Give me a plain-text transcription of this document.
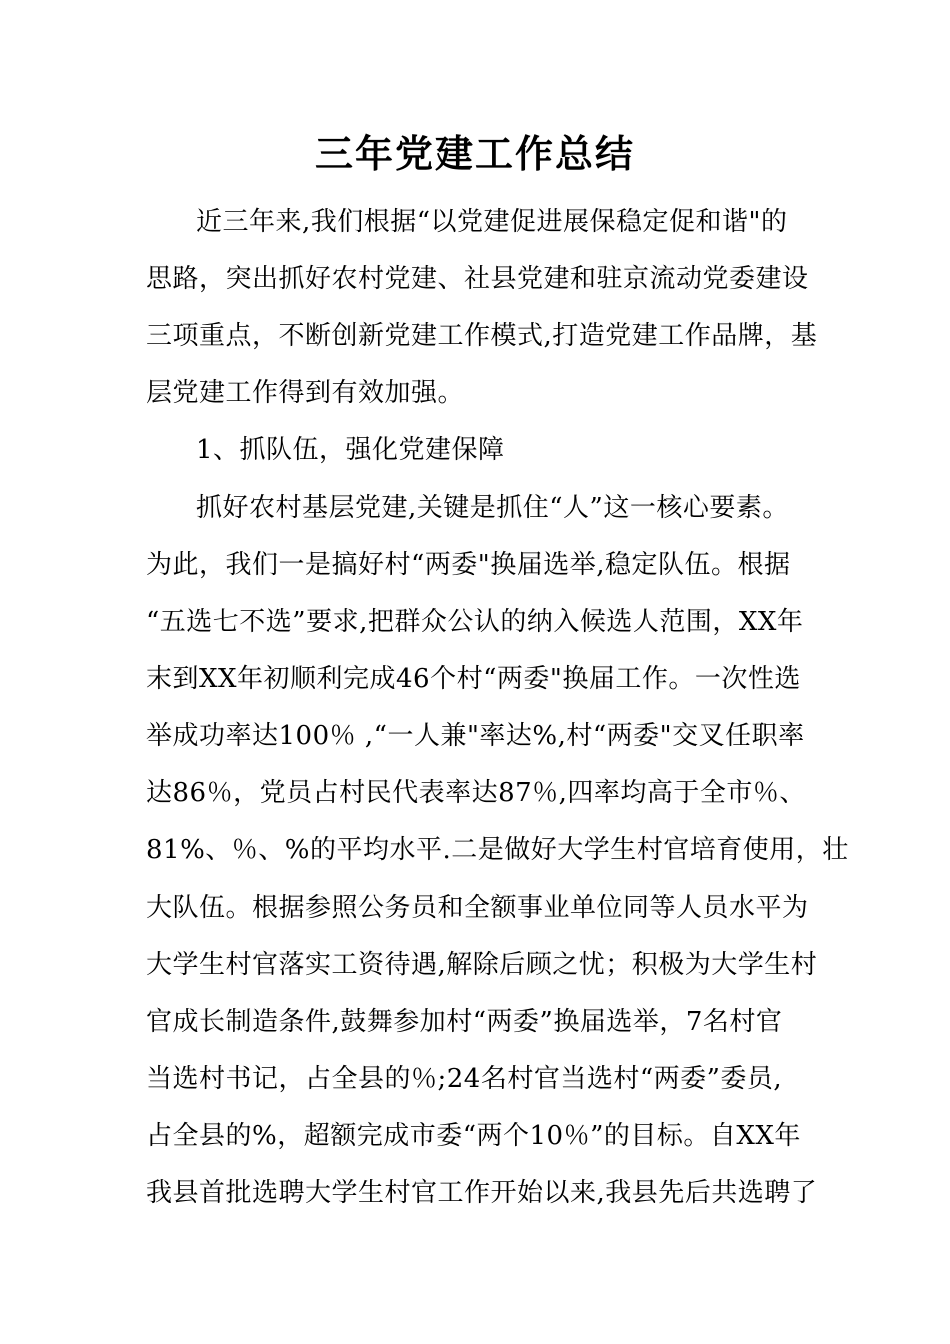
三年党建工作总结
近三年来,我们根据“以党建促进展保稳定促和谐"的
思路，突出抓好农村党建、社县党建和驻京流动党委建设
三项重点，不断创新党建工作模式,打造党建工作品牌，基
层党建工作得到有效加强。
1、抓队伍，强化党建保障
抓好农村基层党建,关键是抓住“人”这一核心要素。
为此，我们一是搞好村“两委"换届选举,稳定队伍。根据
“五选七不选”要求,把群众公认的纳入候选人范围，XX年
末到XX年初顺利完成46个村“两委"换届工作。一次性选
举成功率达100％ ,“一人兼"率达%,村“两委"交叉任职率
达86％，党员占村民代表率达87％,四率均高于全市％、
81%、％、%的平均水平.二是做好大学生村官培育使用，壮
大队伍。根据参照公务员和全额事业单位同等人员水平为
大学生村官落实工资待遇,解除后顾之忧；积极为大学生村
官成长制造条件,鼓舞参加村“两委”换届选举，7名村官
当选村书记，占全县的％;24名村官当选村“两委”委员,
占全县的%，超额完成市委“两个10％”的目标。自XX年
我县首批选聘大学生村官工作开始以来,我县先后共选聘了
